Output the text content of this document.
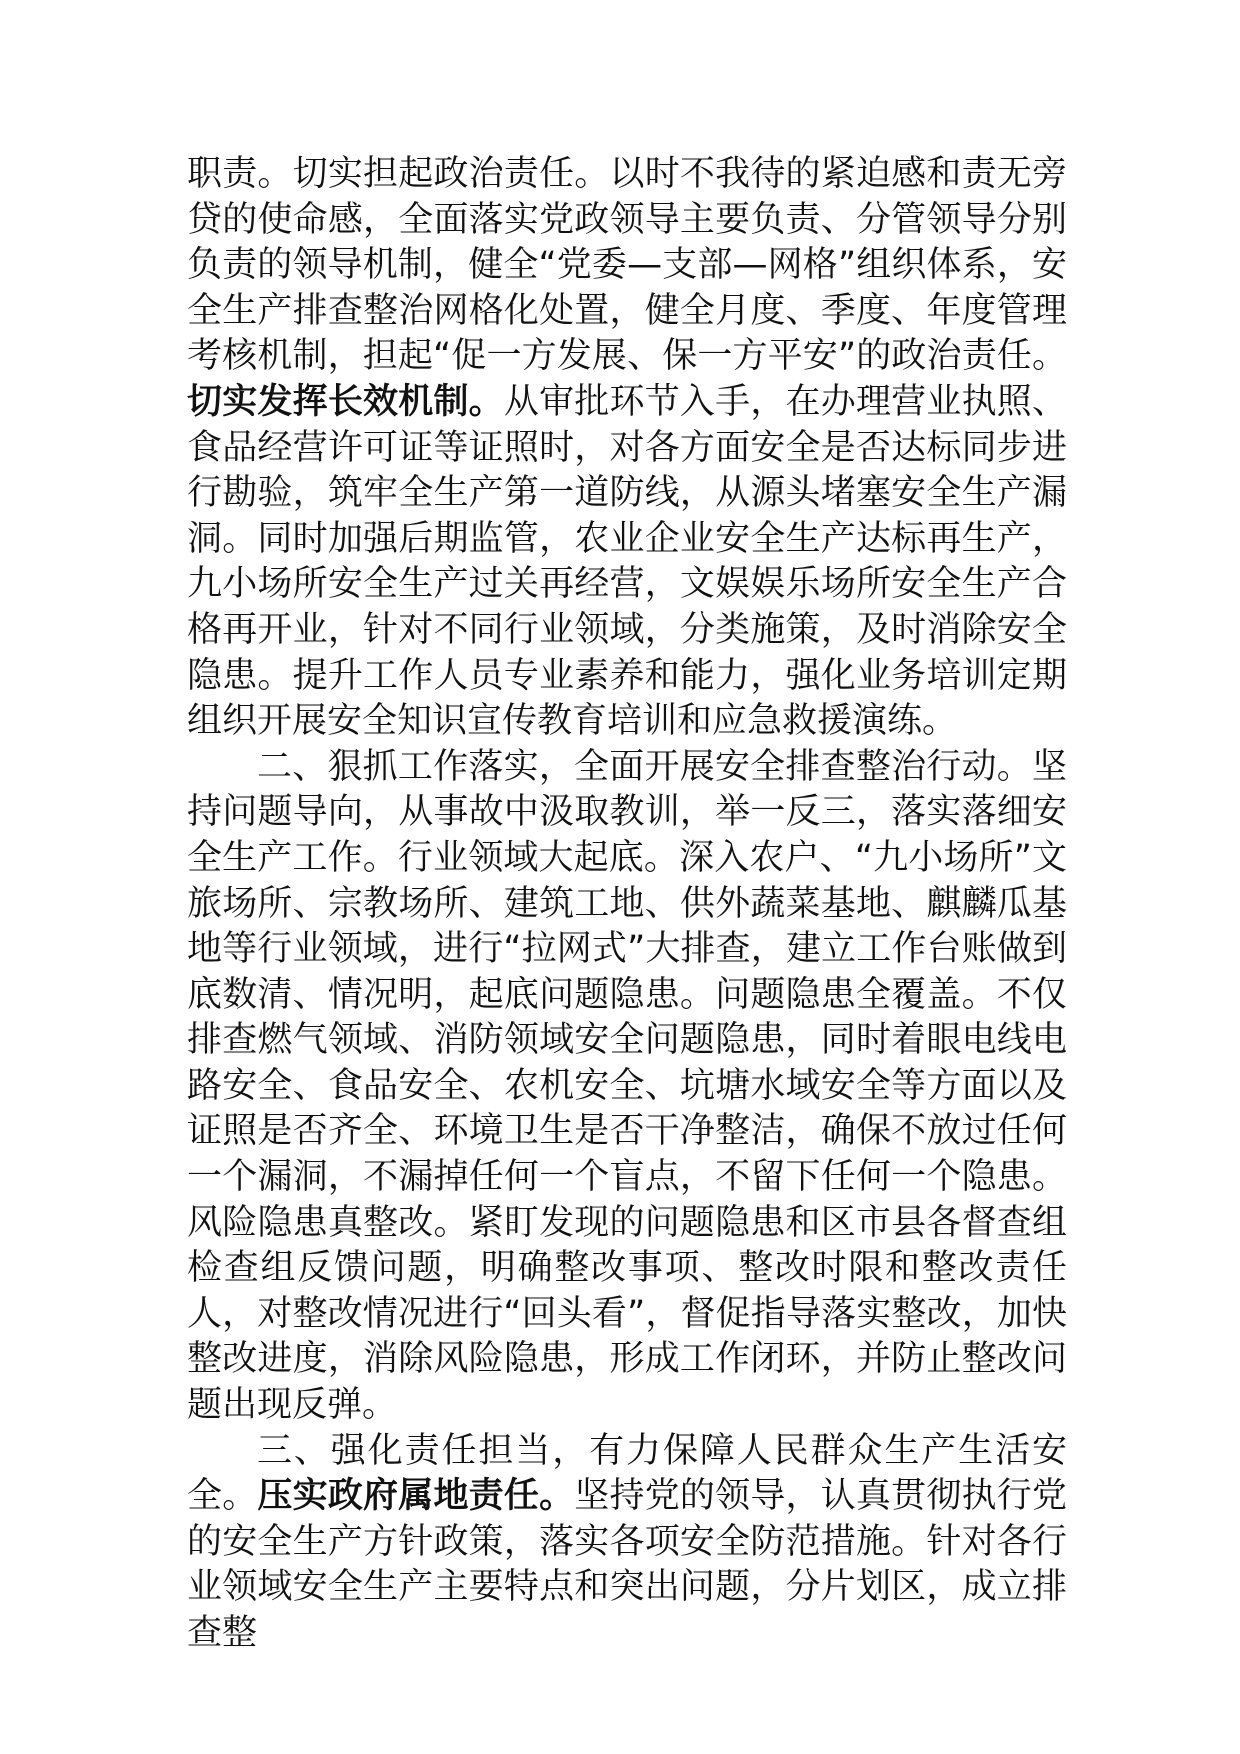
职责。切实担起政治责任。以时不我待的紧迫感和责无旁贷的使命感，全面落实党政领导主要负责、分管领导分别负责的领导机制，健全“党委—支部—网格”组织体系，安全生产排查整治网格化处置，健全月度、季度、年度管理考核机制，担起“促一方发展、保一方平安”的政治责任。切实发挥长效机制。从审批环节入手，在办理营业执照、食品经营许可证等证照时，对各方面安全是否达标同步进行勘验，筑牢全生产第一道防线，从源头堵塞安全生产漏洞。同时加强后期监管，农业企业安全生产达标再生产，九小场所安全生产过关再经营，文娱娱乐场所安全生产合格再开业，针对不同行业领域，分类施策，及时消除安全隐患。提升工作人员专业素养和能力，强化业务培训定期组织开展安全知识宣传教育培训和应急救援演练。

二、狠抓工作落实，全面开展安全排查整治行动。坚持问题导向，从事故中汲取教训，举一反三，落实落细安全生产工作。行业领域大起底。深入农户、“九小场所”文旅场所、宗教场所、建筑工地、供外蔬菜基地、麒麟瓜基地等行业领域，进行“拉网式”大排查，建立工作台账做到底数清、情况明，起底问题隐患。问题隐患全覆盖。不仅排查燃气领域、消防领域安全问题隐患，同时着眼电线电路安全、食品安全、农机安全、坑塘水域安全等方面以及证照是否齐全、环境卫生是否干净整洁，确保不放过任何一个漏洞，不漏掉任何一个盲点，不留下任何一个隐患。风险隐患真整改。紧盯发现的问题隐患和区市县各督查组检查组反馈问题，明确整改事项、整改时限和整改责任人，对整改情况进行“回头看”，督促指导落实整改，加快整改进度，消除风险隐患，形成工作闭环，并防止整改问题出现反弹。

三、强化责任担当，有力保障人民群众生产生活安全。压实政府属地责任。坚持党的领导，认真贯彻执行党的安全生产方针政策，落实各项安全防范措施。针对各行业领域安全生产主要特点和突出问题，分片划区，成立排查整
